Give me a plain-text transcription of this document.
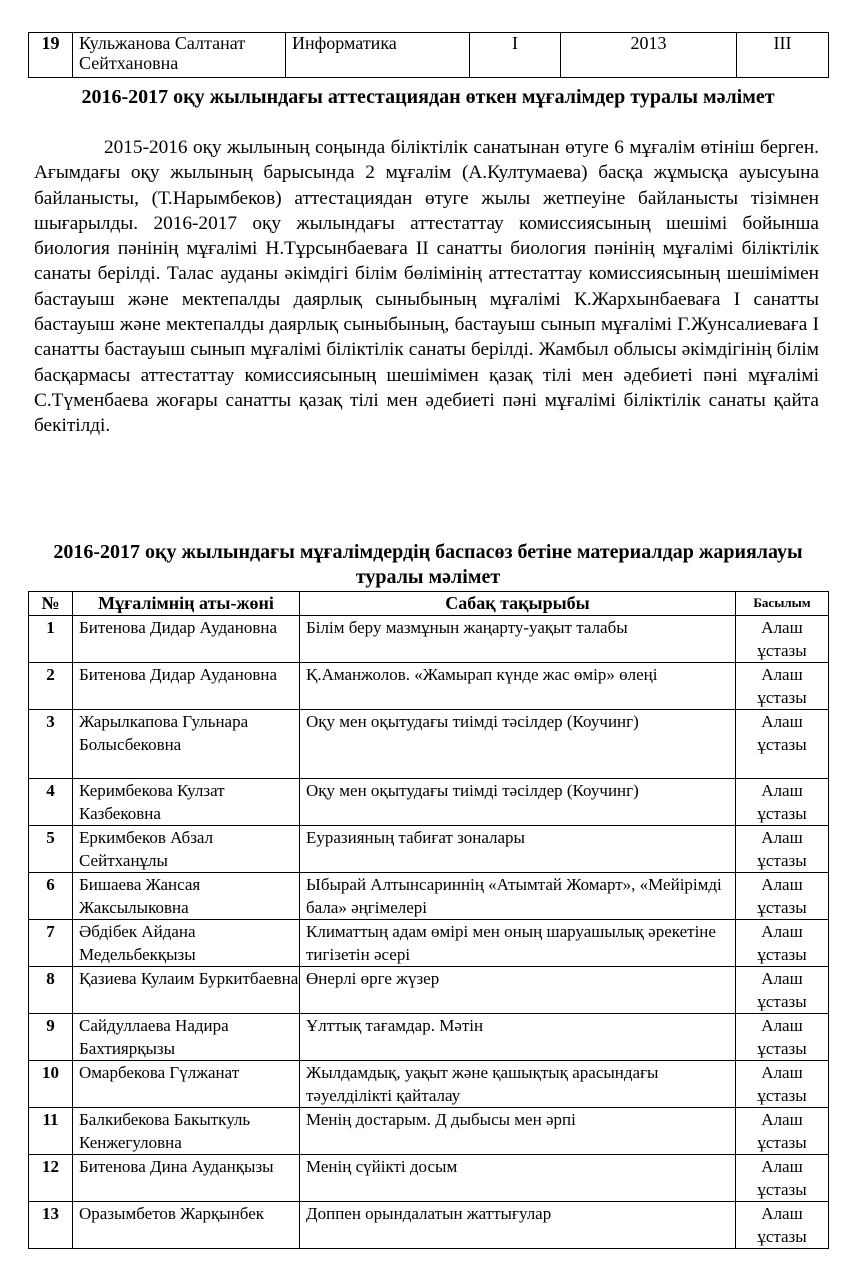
19	Кульжанова Салтанат Сейтхановна	Информатика	I	2013	III
2016-2017 оқу жылындағы аттестациядан өткен мұғалімдер туралы мәлімет
2015-2016 оқу жылының соңында біліктілік санатынан өтуге 6 мұғалім өтініш берген. Ағымдағы оқу жылының барысында 2 мұғалім (А.Култумаева) басқа жұмысқа ауысуына байланысты, (Т.Нарымбеков) аттестациядан өтуге жылы жетпеуіне байланысты тізімнен шығарылды. 2016-2017 оқу жылындағы аттестаттау комиссиясының шешімі бойынша биология пәнінің мұғалімі Н.Тұрсынбаеваға ІІ санатты биология пәнінің мұғалімі біліктілік санаты берілді. Талас ауданы әкімдігі білім бөлімінің аттестаттау комиссиясының шешімімен бастауыш және мектепалды даярлық сыныбының мұғалімі К.Жархынбаеваға І санатты бастауыш және мектепалды даярлық сыныбының, бастауыш сынып мұғалімі Г.Жунсалиеваға І санатты бастауыш сынып мұғалімі біліктілік санаты берілді. Жамбыл облысы әкімдігінің білім басқармасы аттестаттау комиссиясының шешімімен қазақ тілі мен әдебиеті пәні мұғалімі С.Түменбаева жоғары санатты қазақ тілі мен әдебиеті пәні мұғалімі біліктілік санаты қайта бекітілді.
2016-2017 оқу жылындағы мұғалімдердің баспасөз бетіне материалдар жариялауы туралы мәлімет
№	Мұғалімнің аты-жөні	Сабақ тақырыбы	Басылым
1	Битенова Дидар Аудановна	Білім беру мазмұнын жаңарту-уақыт талабы	Алаш ұстазы
2	Битенова Дидар Аудановна	Қ.Аманжолов. «Жамырап күнде жас өмір» өлеңі	Алаш ұстазы
3	Жарылкапова Гульнара Болысбековна	Оқу мен оқытудағы тиімді тәсілдер (Коучинг)	Алаш ұстазы
4	Керимбекова Кулзат Казбековна	Оқу мен оқытудағы тиімді тәсілдер (Коучинг)	Алаш ұстазы
5	Еркимбеков Абзал Сейтханұлы	Еуразияның табиғат зоналары	Алаш ұстазы
6	Бишаева Жансая Жаксылыковна	Ыбырай Алтынсариннің «Атымтай Жомарт», «Мейірімді бала» әңгімелері	Алаш ұстазы
7	Әбдібек Айдана Медельбекқызы	Климаттың адам өмірі мен оның шаруашылық әрекетіне тигізетін әсері	Алаш ұстазы
8	Қазиева Кулаим Буркитбаевна	Өнерлі өрге жүзер	Алаш ұстазы
9	Сайдуллаева Надира Бахтиярқызы	Ұлттық тағамдар. Мәтін	Алаш ұстазы
10	Омарбекова Гүлжанат	Жылдамдық, уақыт және қашықтық арасындағы тәуелділікті қайталау	Алаш ұстазы
11	Балкибекова Бакыткуль Кенжегуловна	Менің достарым. Д дыбысы мен әрпі	Алаш ұстазы
12	Битенова Дина Ауданқызы	Менің сүйікті досым	Алаш ұстазы
13	Оразымбетов Жарқынбек	Доппен орындалатын жаттығулар	Алаш ұстазы
